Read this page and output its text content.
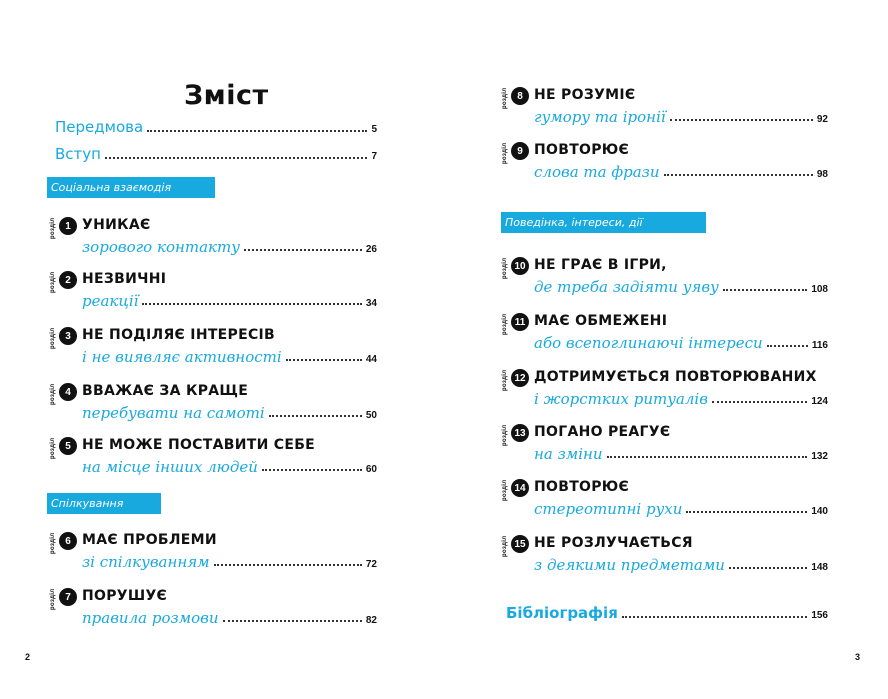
Зміст
Передмова	5
Вступ	7
Соціальна взаємодія
розділ 1 УНИКАЄ
зорового контакту	26
розділ 2 НЕЗВИЧНІ
реакції	34
розділ 3 НЕ ПОДІЛЯЄ ІНТЕРЕСІВ
і не виявляє активності	44
розділ 4 ВВАЖАЄ ЗА КРАЩЕ
перебувати на самоті	50
розділ 5 НЕ МОЖЕ ПОСТАВИТИ СЕБЕ
на місце інших людей	60
Спілкування
розділ 6 МАЄ ПРОБЛЕМИ
зі спілкуванням	72
розділ 7 ПОРУШУЄ
правила розмови	82
2
розділ 8 НЕ РОЗУМІЄ
гумору та іронії	92
розділ 9 ПОВТОРЮЄ
слова та фрази	98
Поведінка, інтереси, дії
розділ 10 НЕ ГРАЄ В ІГРИ,
де треба задіяти уяву	108
розділ 11 МАЄ ОБМЕЖЕНІ
або всепоглинаючі інтереси	116
розділ 12 ДОТРИМУЄТЬСЯ ПОВТОРЮВАНИХ
і жорстких ритуалів	124
розділ 13 ПОГАНО РЕАГУЄ
на зміни	132
розділ 14 ПОВТОРЮЄ
стереотипні рухи	140
розділ 15 НЕ РОЗЛУЧАЄТЬСЯ
з деякими предметами	148
Бібліографія	156
3
